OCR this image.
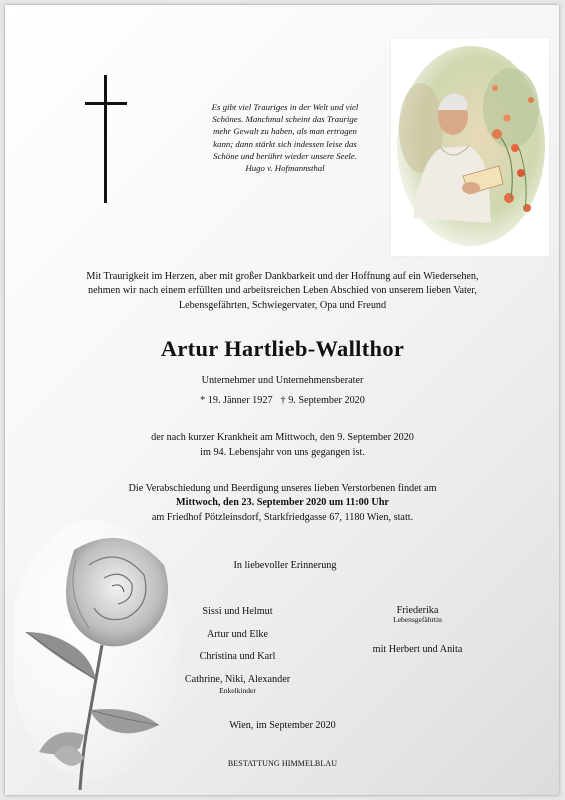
Es gibt viel Trauriges in der Welt und viel
Schönes. Manchmal scheint das Traurige
mehr Gewalt zu haben, als man ertragen
kann; dann stärkt sich indessen leise das
Schöne und berührt wieder unsere Seele.
Hugo v. Hofmannsthal
Mit Traurigkeit im Herzen, aber mit großer Dankbarkeit und der Hoffnung auf ein Wiedersehen,
nehmen wir nach einem erfüllten und arbeitsreichen Leben Abschied von unserem lieben Vater,
Lebensgefährten, Schwiegervater, Opa und Freund
Artur Hartlieb-Wallthor
Unternehmer und Unternehmensberater
* 19. Jänner 1927 † 9. September 2020
der nach kurzer Krankheit am Mittwoch, den 9. September 2020
im 94. Lebensjahr von uns gegangen ist.
Die Verabschiedung und Beerdigung unseres lieben Verstorbenen findet am
Mittwoch, den 23. September 2020 um 11:00 Uhr
am Friedhof Pötzleinsdorf, Starkfriedgasse 67, 1180 Wien, statt.
In liebevoller Erinnerung
Sissi und Helmut
Artur und Elke
Christina und Karl
Cathrine, Niki, Alexander
Enkelkinder
Friederika
Lebensgefährtin
mit Herbert und Anita
Wien, im September 2020
BESTATTUNG HIMMELBLAU
